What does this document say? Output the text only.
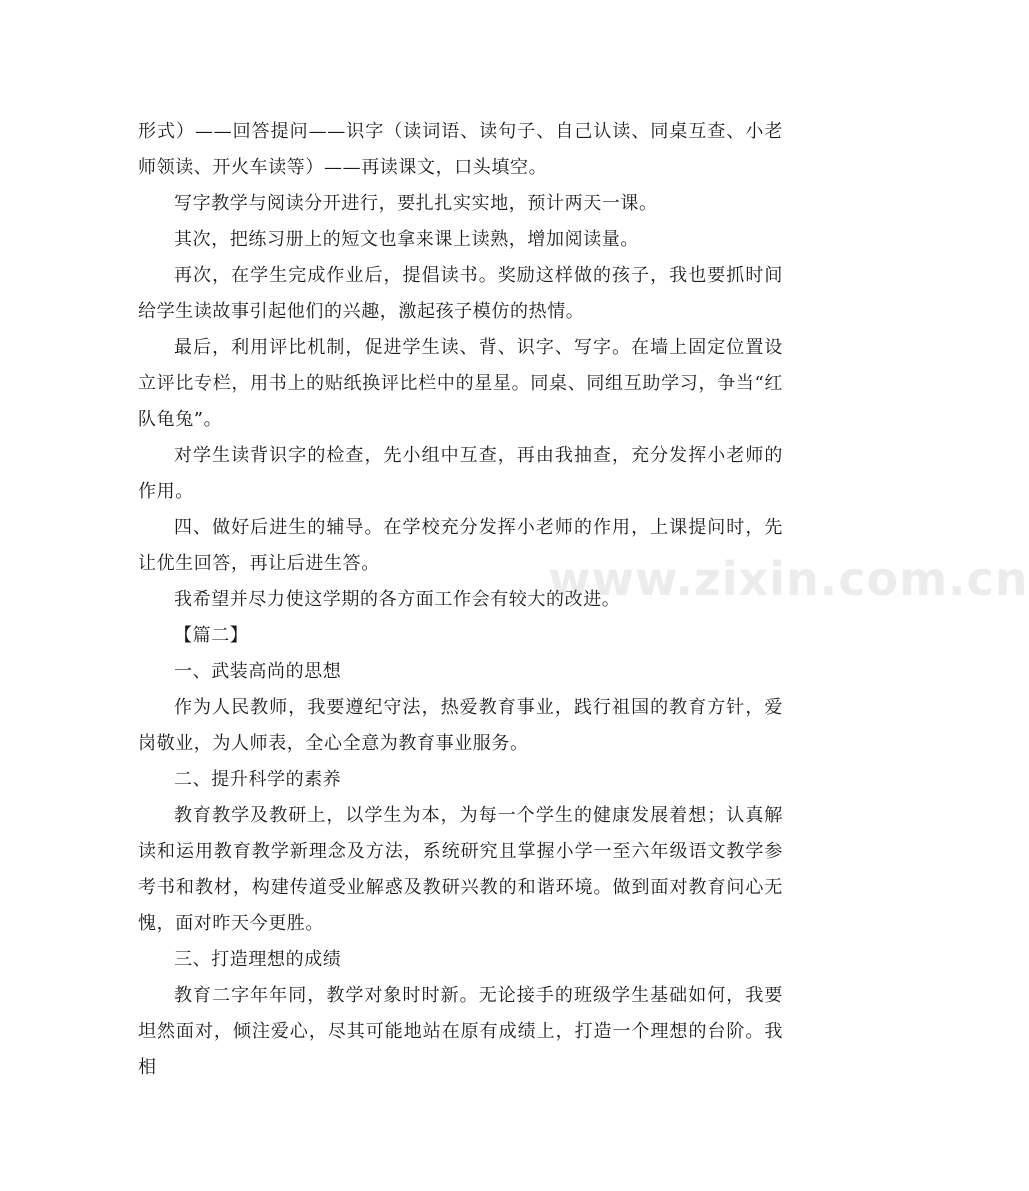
形式）——回答提问——识字（读词语、读句子、自己认读、同桌互查、小老师领读、开火车读等）——再读课文，口头填空。

写字教学与阅读分开进行，要扎扎实实地，预计两天一课。

其次，把练习册上的短文也拿来课上读熟，增加阅读量。

再次，在学生完成作业后，提倡读书。奖励这样做的孩子，我也要抓时间给学生读故事引起他们的兴趣，激起孩子模仿的热情。

最后，利用评比机制，促进学生读、背、识字、写字。在墙上固定位置设立评比专栏，用书上的贴纸换评比栏中的星星。同桌、同组互助学习，争当“红队龟兔”。

对学生读背识字的检查，先小组中互查，再由我抽查，充分发挥小老师的作用。

四、做好后进生的辅导。在学校充分发挥小老师的作用，上课提问时，先让优生回答，再让后进生答。

我希望并尽力使这学期的各方面工作会有较大的改进。

【篇二】

一、武装高尚的思想

作为人民教师，我要遵纪守法，热爱教育事业，践行祖国的教育方针，爱岗敬业，为人师表，全心全意为教育事业服务。

二、提升科学的素养

教育教学及教研上，以学生为本，为每一个学生的健康发展着想；认真解读和运用教育教学新理念及方法，系统研究且掌握小学一至六年级语文教学参考书和教材，构建传道受业解惑及教研兴教的和谐环境。做到面对教育问心无愧，面对昨天今更胜。

三、打造理想的成绩

教育二字年年同，教学对象时时新。无论接手的班级学生基础如何，我要坦然面对，倾注爱心，尽其可能地站在原有成绩上，打造一个理想的台阶。我相

www.zixin.com.cn
